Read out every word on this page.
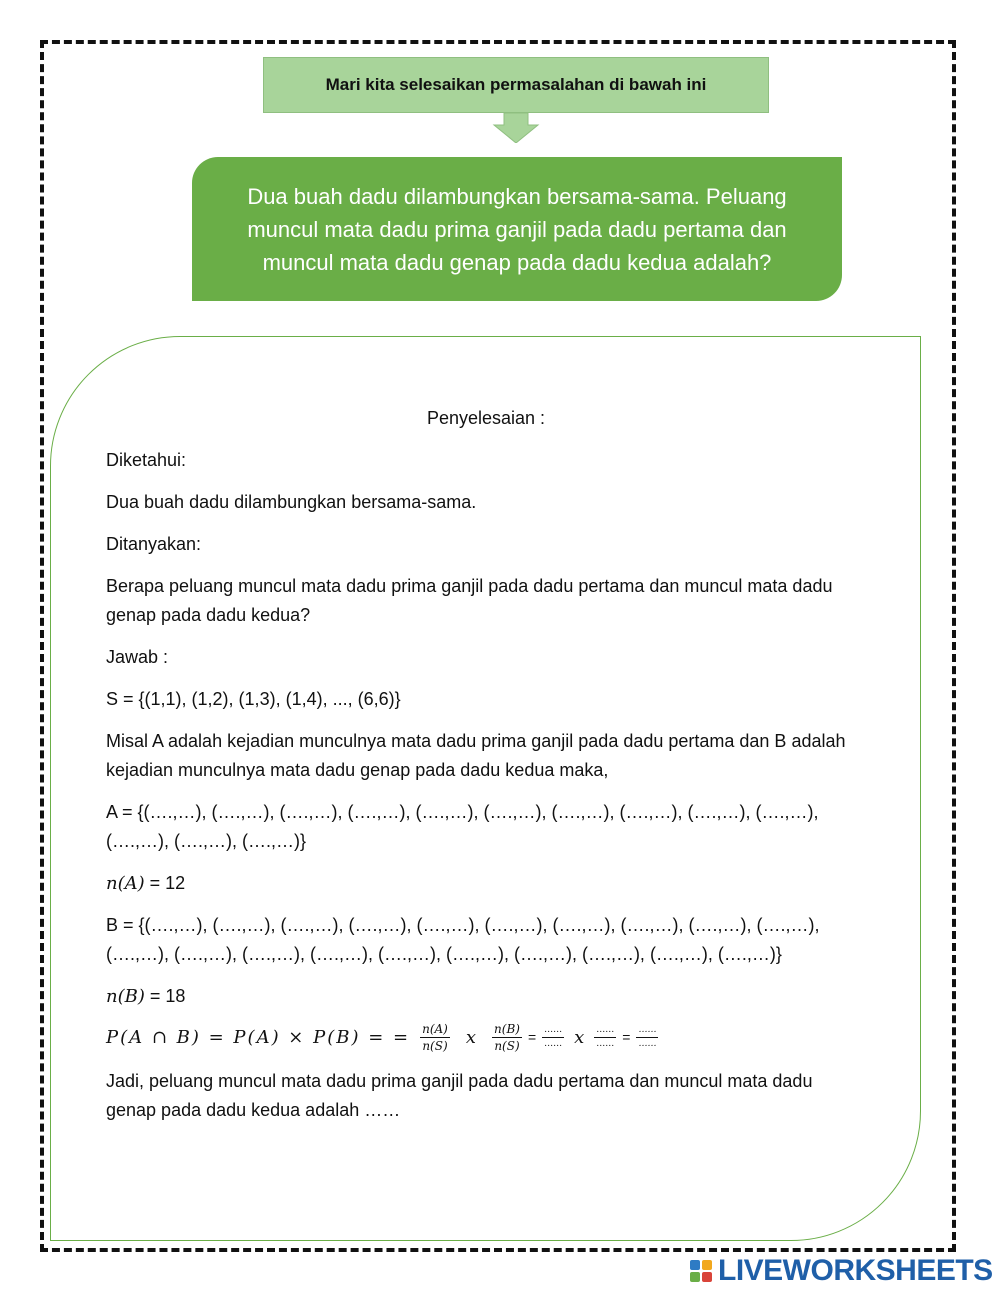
Mari kita selesaikan permasalahan di bawah ini
Dua buah dadu dilambungkan bersama-sama. Peluang muncul mata dadu prima ganjil pada dadu pertama dan muncul mata dadu genap pada dadu kedua adalah?

Penyelesaian :

Diketahui:

Dua buah dadu dilambungkan bersama-sama.

Ditanyakan:

Berapa peluang muncul mata dadu prima ganjil pada dadu pertama dan muncul mata dadu genap pada dadu kedua?

Jawab :

S = {(1,1), (1,2), (1,3), (1,4), ..., (6,6)}

Misal A adalah kejadian munculnya mata dadu prima ganjil pada dadu pertama dan B adalah kejadian munculnya mata dadu genap pada dadu kedua maka,

A = {(….,…), (….,…), (….,…), (….,…), (….,…), (….,…), (….,…), (….,…), (….,…), (….,…), (….,…), (….,…), (….,…)}

n(A) = 12

B = {(….,…), (….,…), (….,…), (….,…), (….,…), (….,…), (….,…), (….,…), (….,…), (….,…), (….,…), (….,…), (….,…), (….,…), (….,…), (….,…), (….,…), (….,…), (….,…), (….,…)}

n(B) = 18

P(A ∩ B) = P(A) × P(B) = = $\frac{n(A)}{n(S)}$ x $\frac{n(B)}{n(S)} = \frac{\dots\dots}{\dots\dots}$ x $\frac{\dots\dots}{\dots\dots} = \frac{\dots\dots}{\dots\dots}$

Jadi, peluang muncul mata dadu prima ganjil pada dadu pertama dan muncul mata dadu genap pada dadu kedua adalah ……

LIVEWORKSHEETS
